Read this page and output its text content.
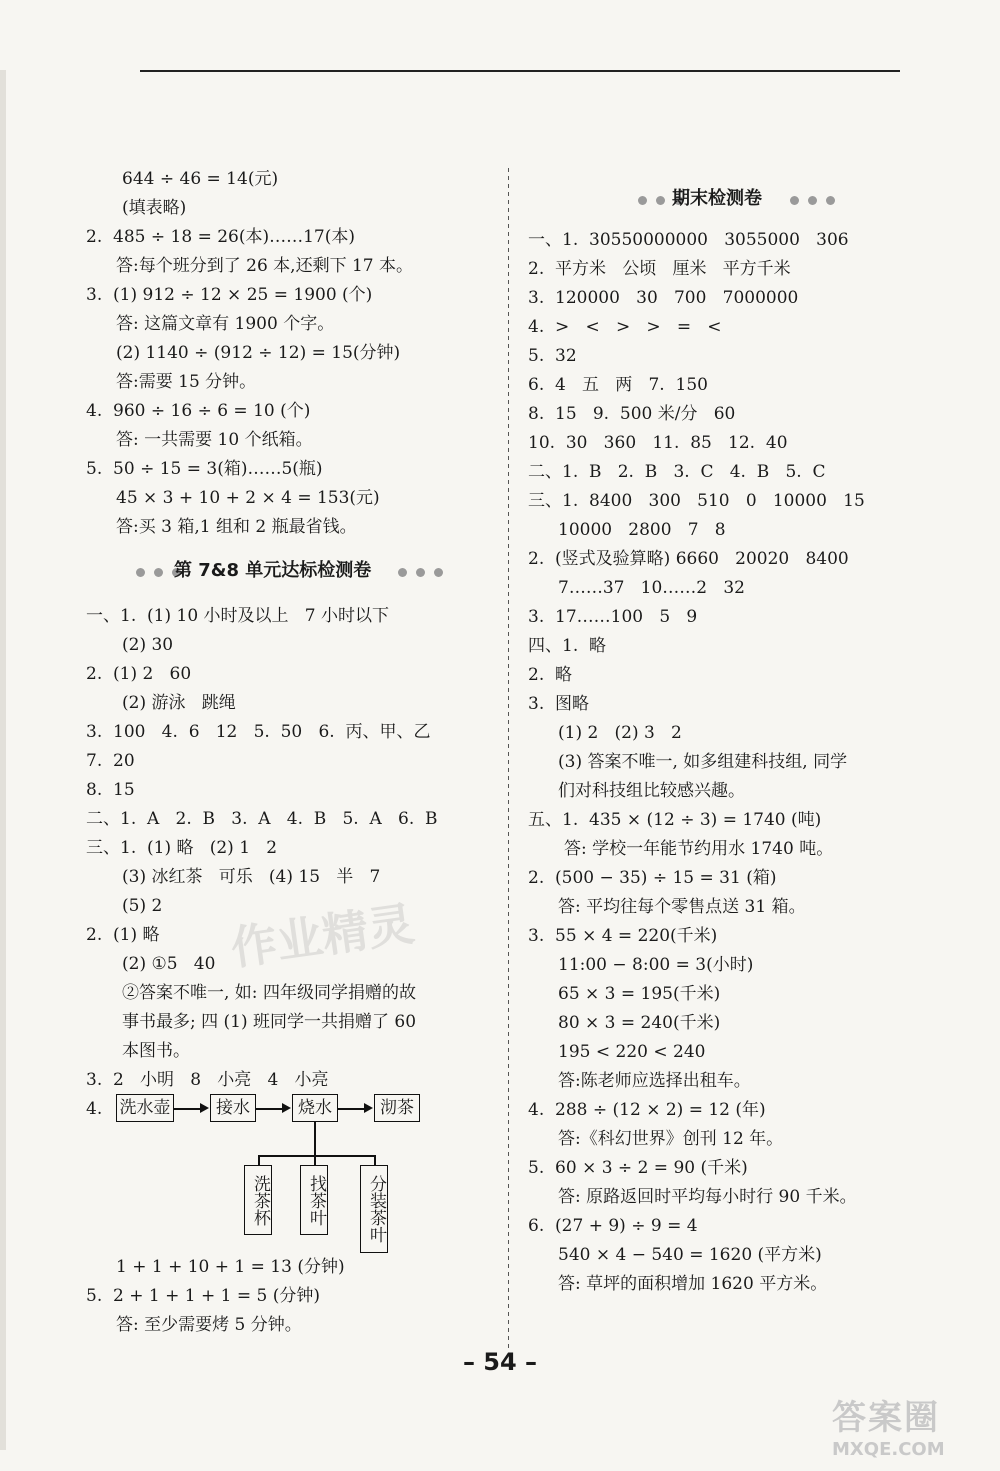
644 ÷ 46 = 14(元)
(填表略)
2.  485 ÷ 18 = 26(本)……17(本)
答:每个班分到了 26 本,还剩下 17 本。
3.  (1) 912 ÷ 12 × 25 = 1900 (个)
答: 这篇文章有 1900 个字。
(2) 1140 ÷ (912 ÷ 12) = 15(分钟)
答:需要 15 分钟。
4.  960 ÷ 16 ÷ 6 = 10 (个)
答: 一共需要 10 个纸箱。
5.  50 ÷ 15 = 3(箱)……5(瓶)
45 × 3 + 10 + 2 × 4 = 153(元)
答:买 3 箱,1 组和 2 瓶最省钱。
第 7&8 单元达标检测卷
一、1.  (1) 10 小时及以上   7 小时以下
(2) 30
2.  (1) 2   60
(2) 游泳   跳绳
3.  100   4.  6   12   5.  50   6.  丙、甲、乙
7.  20
8.  15
二、1.  A   2.  B   3.  A   4.  B   5.  A   6.  B
三、1.  (1) 略   (2) 1   2
(3) 冰红茶   可乐   (4) 15   半   7
(5) 2
2.  (1) 略
(2) ①5   40
②答案不唯一, 如: 四年级同学捐赠的故
事书最多; 四 (1) 班同学一共捐赠了 60
本图书。
3.  2   小明   8   小亮   4   小亮
4. 洗水壶	接水	烧水	沏茶
洗茶杯	找茶叶	分装茶叶
1 + 1 + 10 + 1 = 13 (分钟)
5.  2 + 1 + 1 + 1 = 5 (分钟)
答: 至少需要烤 5 分钟。
期末检测卷
一、1.  30550000000   3055000   306
2.  平方米   公顷   厘米   平方千米
3.  120000   30   700   7000000
4.  >   <   >   >   =   <
5.  32
6.  4   五   两   7.  150
8.  15   9.  500 米/分   60
10.  30   360   11.  85   12.  40
二、1.  B   2.  B   3.  C   4.  B   5.  C
三、1.  8400   300   510   0   10000   15
10000   2800   7   8
2.  (竖式及验算略) 6660   20020   8400
7……37   10……2   32
3.  17……100   5   9
四、1.  略
2.  略
3.  图略
(1) 2   (2) 3   2
(3) 答案不唯一, 如多组建科技组, 同学
们对科技组比较感兴趣。
五、1.  435 × (12 ÷ 3) = 1740 (吨)
答: 学校一年能节约用水 1740 吨。
2.  (500 − 35) ÷ 15 = 31 (箱)
答: 平均往每个零售点送 31 箱。
3.  55 × 4 = 220(千米)
11:00 − 8:00 = 3(小时)
65 × 3 = 195(千米)
80 × 3 = 240(千米)
195 < 220 < 240
答:陈老师应选择出租车。
4.  288 ÷ (12 × 2) = 12 (年)
答:《科幻世界》创刊 12 年。
5.  60 × 3 ÷ 2 = 90 (千米)
答: 原路返回时平均每小时行 90 千米。
6.  (27 + 9) ÷ 9 = 4
540 × 4 − 540 = 1620 (平方米)
答: 草坪的面积增加 1620 平方米。
作业精灵
– 54 –
答案圈
MXQE.COM
